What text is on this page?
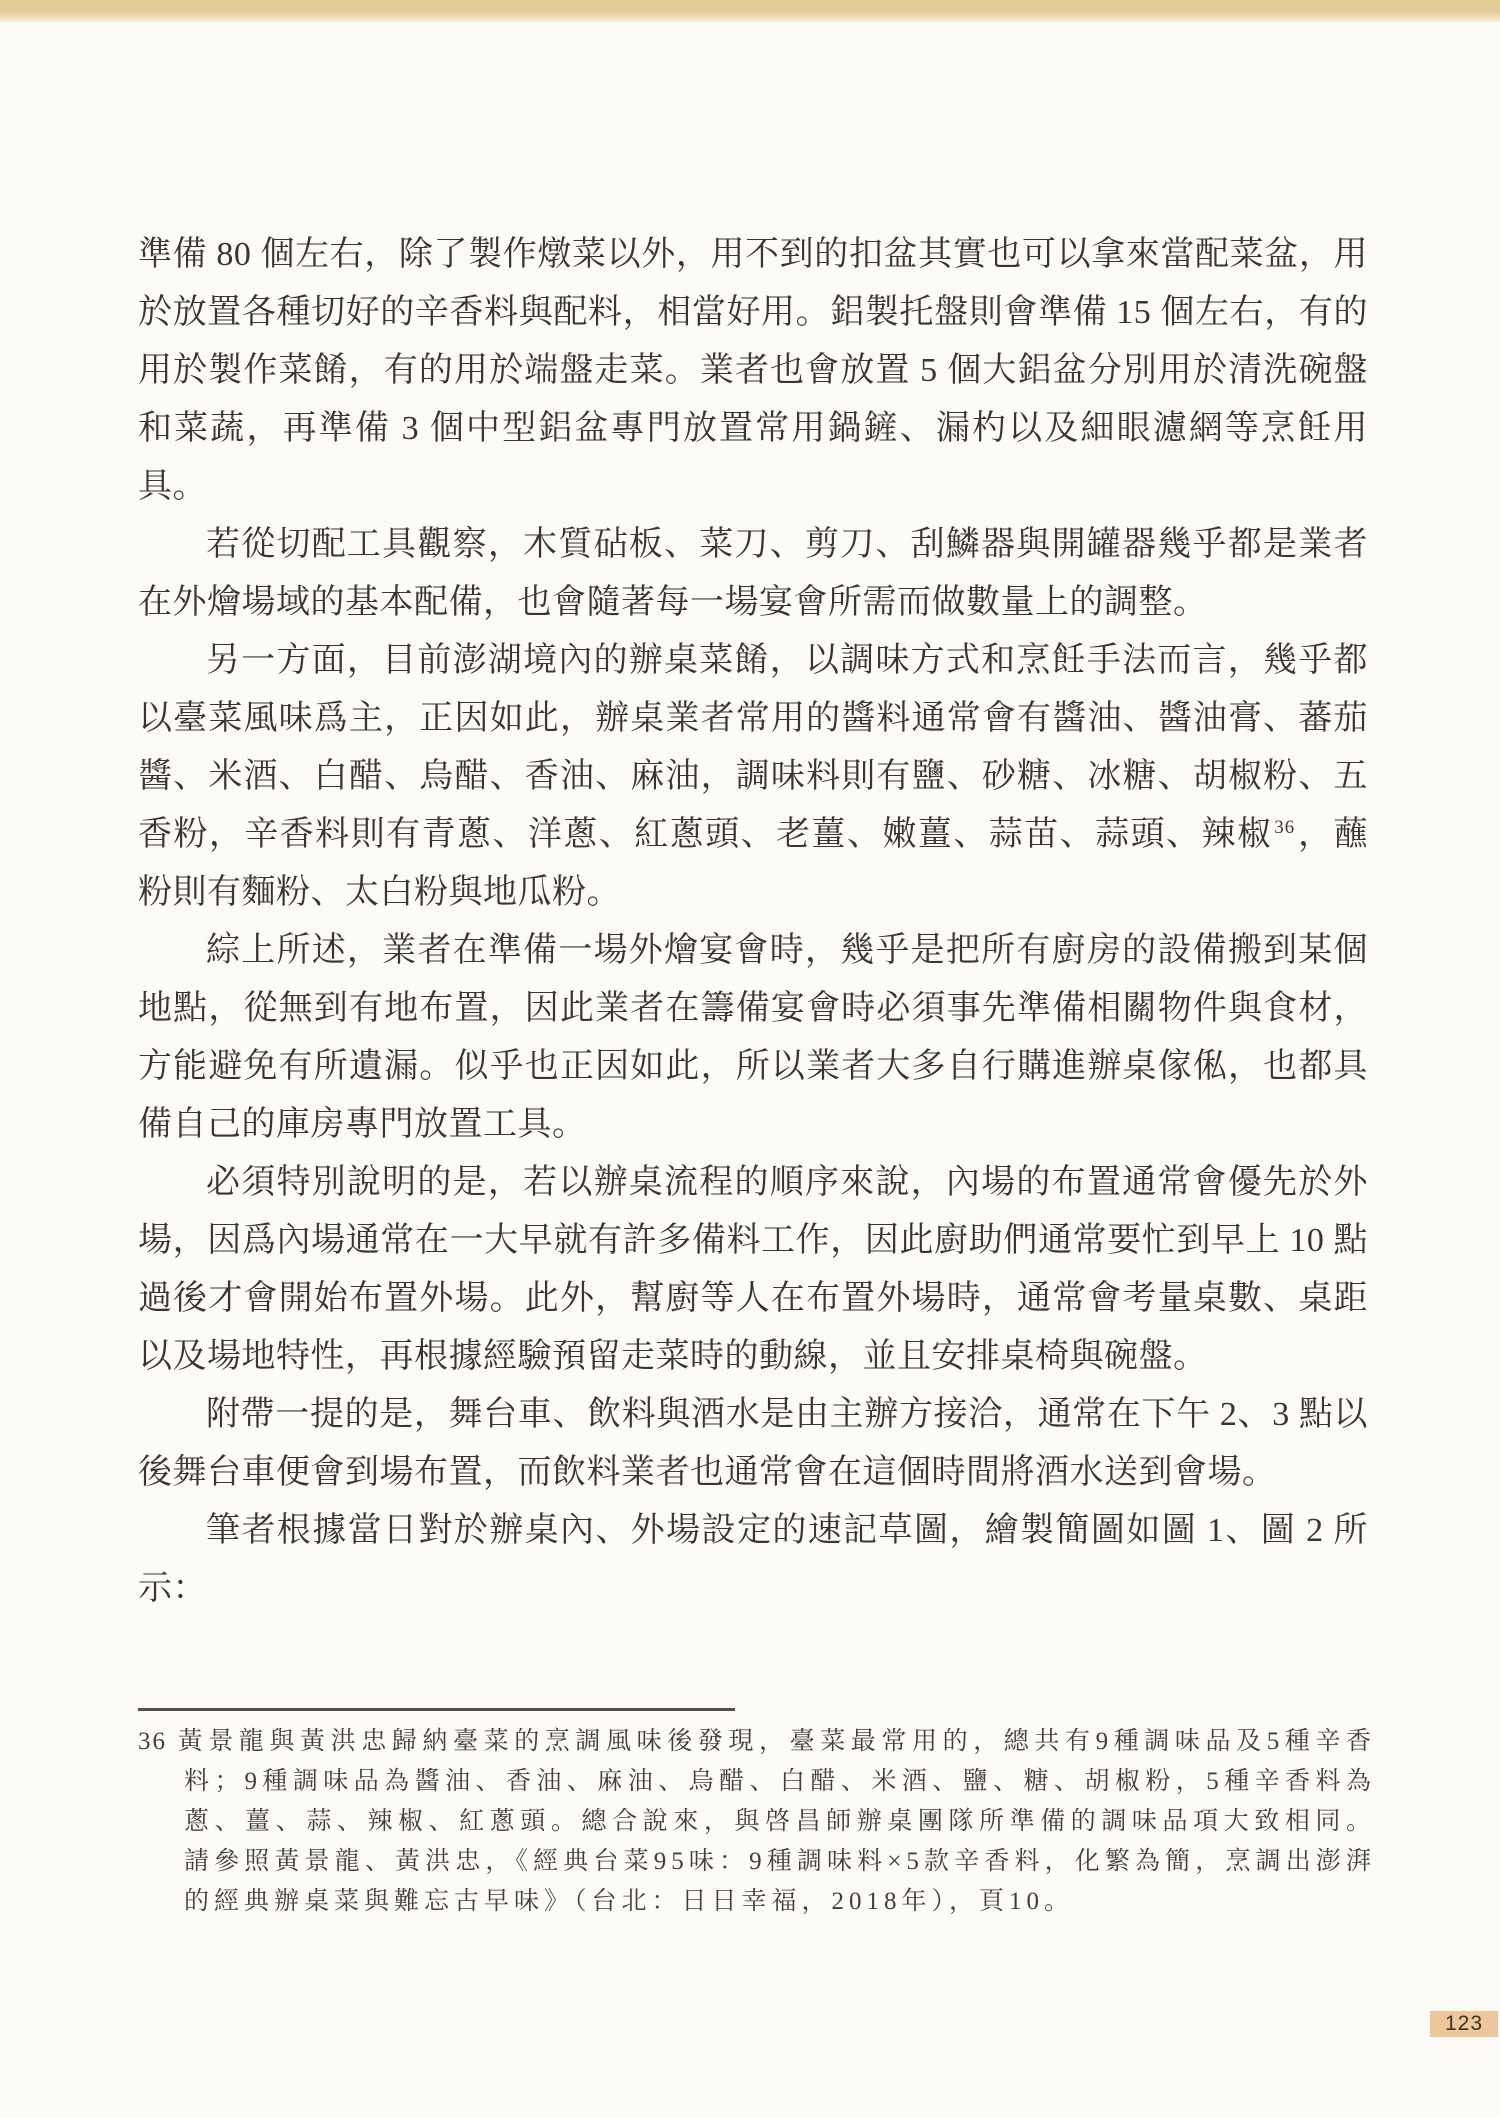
準備 80 個左右，除了製作燉菜以外，用不到的扣盆其實也可以拿來當配菜盆，用於放置各種切好的辛香料與配料，相當好用。鋁製托盤則會準備 15 個左右，有的用於製作菜餚，有的用於端盤走菜。業者也會放置 5 個大鋁盆分別用於清洗碗盤和菜蔬，再準備 3 個中型鋁盆專門放置常用鍋鏟、漏杓以及細眼濾網等烹飪用具。

若從切配工具觀察，木質砧板、菜刀、剪刀、刮鱗器與開罐器幾乎都是業者在外燴場域的基本配備，也會隨著每一場宴會所需而做數量上的調整。

另一方面，目前澎湖境內的辦桌菜餚，以調味方式和烹飪手法而言，幾乎都以臺菜風味爲主，正因如此，辦桌業者常用的醬料通常會有醬油、醬油膏、蕃茄醬、米酒、白醋、烏醋、香油、麻油，調味料則有鹽、砂糖、冰糖、胡椒粉、五香粉，辛香料則有青蔥、洋蔥、紅蔥頭、老薑、嫩薑、蒜苗、蒜頭、辣椒 $^{36}$，蘸粉則有麵粉、太白粉與地瓜粉。

綜上所述，業者在準備一場外燴宴會時，幾乎是把所有廚房的設備搬到某個地點，從無到有地布置，因此業者在籌備宴會時必須事先準備相關物件與食材，方能避免有所遺漏。似乎也正因如此，所以業者大多自行購進辦桌傢俬，也都具備自己的庫房專門放置工具。

必須特別說明的是，若以辦桌流程的順序來說，內場的布置通常會優先於外場，因爲內場通常在一大早就有許多備料工作，因此廚助們通常要忙到早上 10 點過後才會開始布置外場。此外，幫廚等人在布置外場時，通常會考量桌數、桌距以及場地特性，再根據經驗預留走菜時的動線，並且安排桌椅與碗盤。

附帶一提的是，舞台車、飲料與酒水是由主辦方接洽，通常在下午 2、3 點以後舞台車便會到場布置，而飲料業者也通常會在這個時間將酒水送到會場。

筆者根據當日對於辦桌內、外場設定的速記草圖，繪製簡圖如圖 1、圖 2 所示：

36 黃景龍與黃洪忠歸納臺菜的烹調風味後發現，臺菜最常用的，總共有9種調味品及5種辛香料；9種調味品為醬油、香油、麻油、烏醋、白醋、米酒、鹽、糖、胡椒粉，5種辛香料為蔥、薑、蒜、辣椒、紅蔥頭。總合說來，與啓昌師辦桌團隊所準備的調味品項大致相同。請參照黃景龍、黃洪忠，《經典台菜95味：9種調味料×5款辛香料，化繁為簡，烹調出澎湃的經典辦桌菜與難忘古早味》（台北：日日幸福，2018年），頁10。
123
